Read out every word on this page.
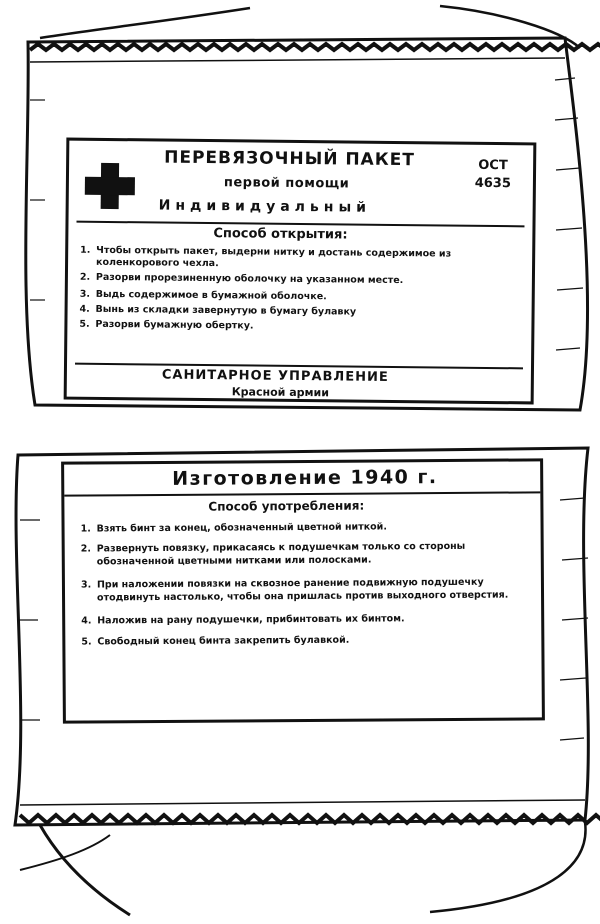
ПЕРЕВЯЗОЧНЫЙ ПАКЕТ
первой помощи
Индивидуальный
ОСТ
4635
Способ открытия:
1. Чтобы открыть пакет, выдерни нитку и достань содержимое из коленкорового чехла.
2. Разорви прорезиненную оболочку на указанном месте.
3. Выдь содержимое в бумажной оболочке.
4. Вынь из складки завернутую в бумагу булавку
5. Разорви бумажную обертку.
САНИТАРНОЕ УПРАВЛЕНИЕ
Красной армии
Изготовление 1940 г.
Способ употребления:
1. Взять бинт за конец, обозначенный цветной ниткой.
2. Развернуть повязку, прикасаясь к подушечкам только со стороны обозначенной цветными нитками или полосками.
3. При наложении повязки на сквозное ранение подвижную подушечку отодвинуть настолько, чтобы она пришлась против выходного отверстия.
4. Наложив на рану подушечки, прибинтовать их бинтом.
5. Свободный конец бинта закрепить булавкой.
